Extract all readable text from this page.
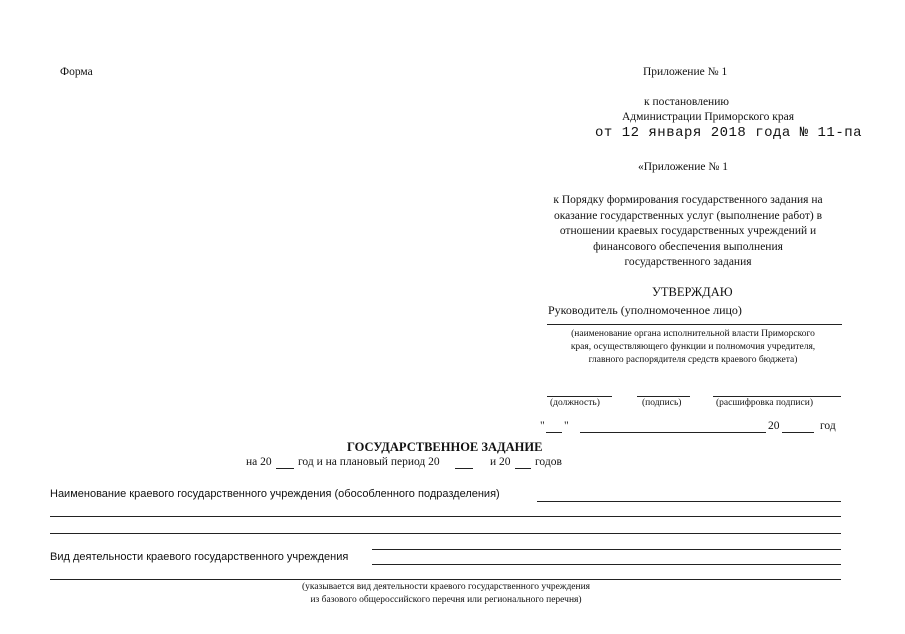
Форма	Приложение № 1
к постановлению
Администрации Приморского края
от 12 января 2018 года № 11-па
«Приложение № 1
к Порядку формирования государственного задания на
оказание государственных услуг (выполнение работ) в
отношении краевых государственных учреждений и
финансового обеспечения выполнения
государственного задания
УТВЕРЖДАЮ
Руководитель (уполномоченное лицо)
(наименование органа исполнительной власти Приморского
края, осуществляющего функции и полномочия учредителя,
главного распорядителя средств краевого бюджета)
(должность)	(подпись)	(расшифровка подписи)
" "	20	год
ГОСУДАРСТВЕННОЕ ЗАДАНИЕ
на 20 год и на плановый период 20	и 20 годов
Наименование краевого государственного учреждения (обособленного подразделения)
Вид деятельности краевого государственного учреждения
(указывается вид деятельности краевого государственного учреждения
из базового общероссийского перечня или регионального перечня)
